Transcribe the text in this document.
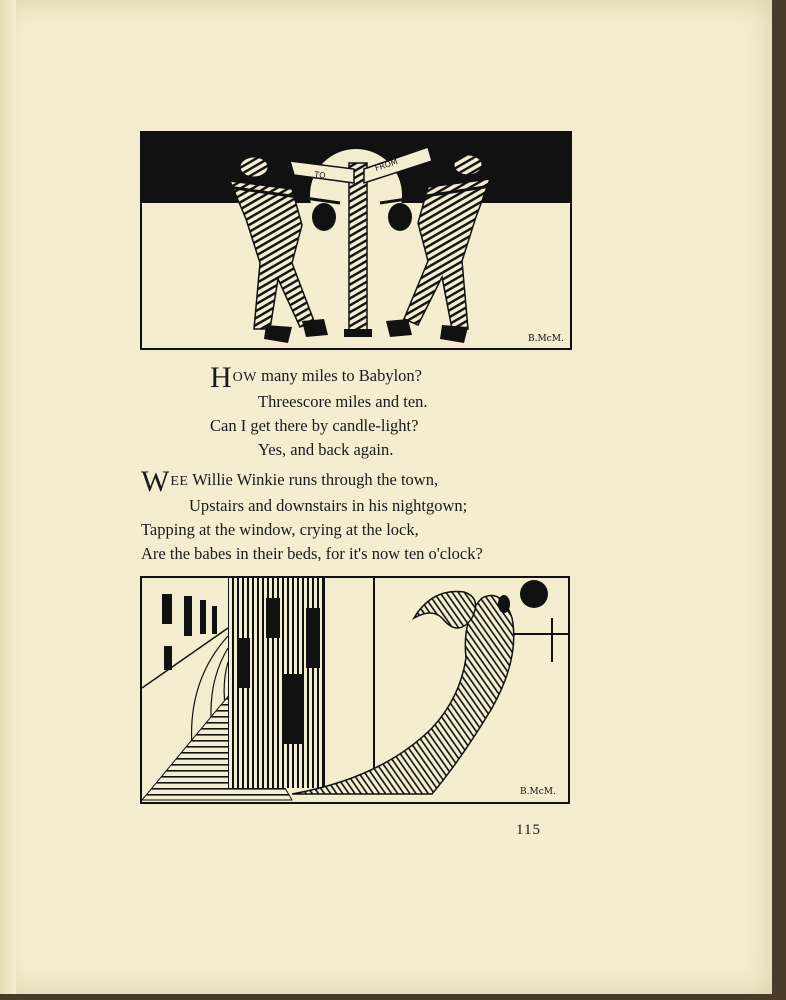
TO
FROM
B.McM.
HOW many miles to Babylon?
Threescore miles and ten.
Can I get there by candle-light?
Yes, and back again.
WEE Willie Winkie runs through the town,
Upstairs and downstairs in his nightgown;
Tapping at the window, crying at the lock,
Are the babes in their beds, for it's now ten o'clock?
B.McM.
115
